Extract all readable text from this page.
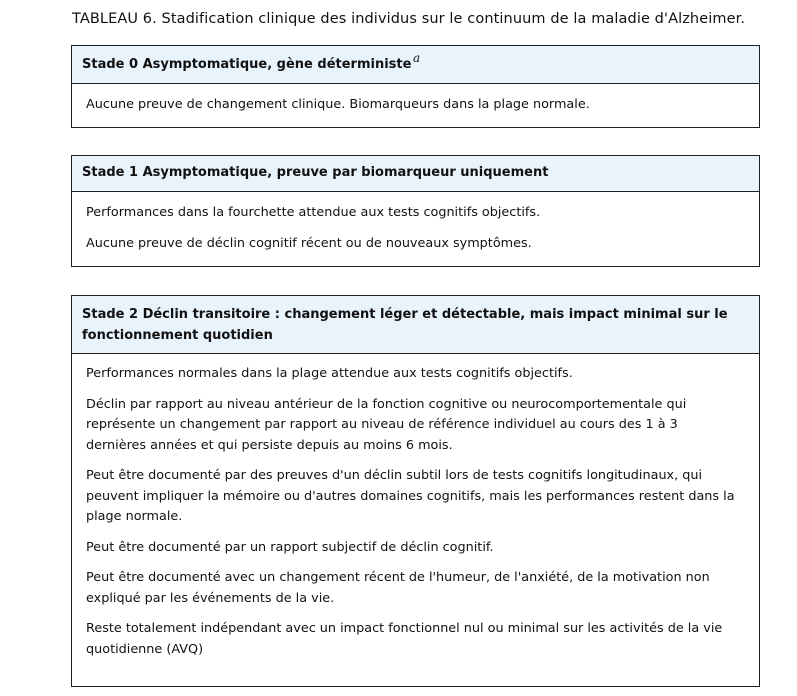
TABLEAU 6. Stadification clinique des individus sur le continuum de la maladie d'Alzheimer.
Stade 0 Asymptomatique, gène déterministe a

Aucune preuve de changement clinique. Biomarqueurs dans la plage normale.

Stade 1 Asymptomatique, preuve par biomarqueur uniquement

Performances dans la fourchette attendue aux tests cognitifs objectifs.

Aucune preuve de déclin cognitif récent ou de nouveaux symptômes.

Stade 2 Déclin transitoire : changement léger et détectable, mais impact minimal sur le
fonctionnement quotidien

Performances normales dans la plage attendue aux tests cognitifs objectifs.

Déclin par rapport au niveau antérieur de la fonction cognitive ou neurocomportementale qui
représente un changement par rapport au niveau de référence individuel au cours des 1 à 3
dernières années et qui persiste depuis au moins 6 mois.

Peut être documenté par des preuves d'un déclin subtil lors de tests cognitifs longitudinaux, qui
peuvent impliquer la mémoire ou d'autres domaines cognitifs, mais les performances restent dans la
plage normale.

Peut être documenté par un rapport subjectif de déclin cognitif.

Peut être documenté avec un changement récent de l'humeur, de l'anxiété, de la motivation non
expliqué par les événements de la vie.

Reste totalement indépendant avec un impact fonctionnel nul ou minimal sur les activités de la vie
quotidienne (AVQ)
